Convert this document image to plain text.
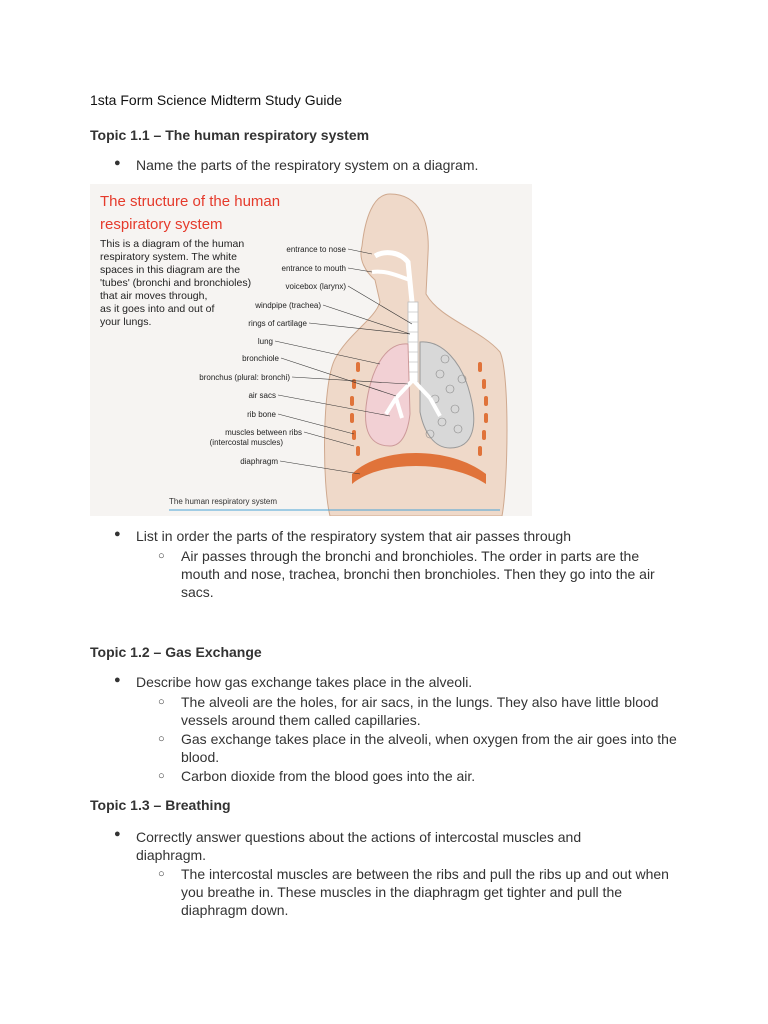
1sta Form Science Midterm Study Guide
Topic 1.1 – The human respiratory system
● Name the parts of the respiratory system on a diagram.
The structure of the human
respiratory system
This is a diagram of the human
respiratory system. The white
spaces in this diagram are the
'tubes' (bronchi and bronchioles)
that air moves through,
as it goes into and out of
your lungs.
entrance to nose
entrance to mouth
voicebox (larynx)
windpipe (trachea)
rings of cartilage
lung
bronchiole
bronchus (plural: bronchi)
air sacs
rib bone
muscles between ribs
(intercostal muscles)
diaphragm
The human respiratory system
● List in order the parts of the respiratory system that air passes through
○ Air passes through the bronchi and bronchioles. The order in parts are the mouth and nose, trachea, bronchi then bronchioles. Then they go into the air sacs.
Topic 1.2 – Gas Exchange
● Describe how gas exchange takes place in the alveoli.
○ The alveoli are the holes, for air sacs, in the lungs. They also have little blood vessels around them called capillaries.
○ Gas exchange takes place in the alveoli, when oxygen from the air goes into the blood.
○ Carbon dioxide from the blood goes into the air.
Topic 1.3 – Breathing
● Correctly answer questions about the actions of intercostal muscles and diaphragm.
○ The intercostal muscles are between the ribs and pull the ribs up and out when you breathe in. These muscles in the diaphragm get tighter and pull the diaphragm down.
